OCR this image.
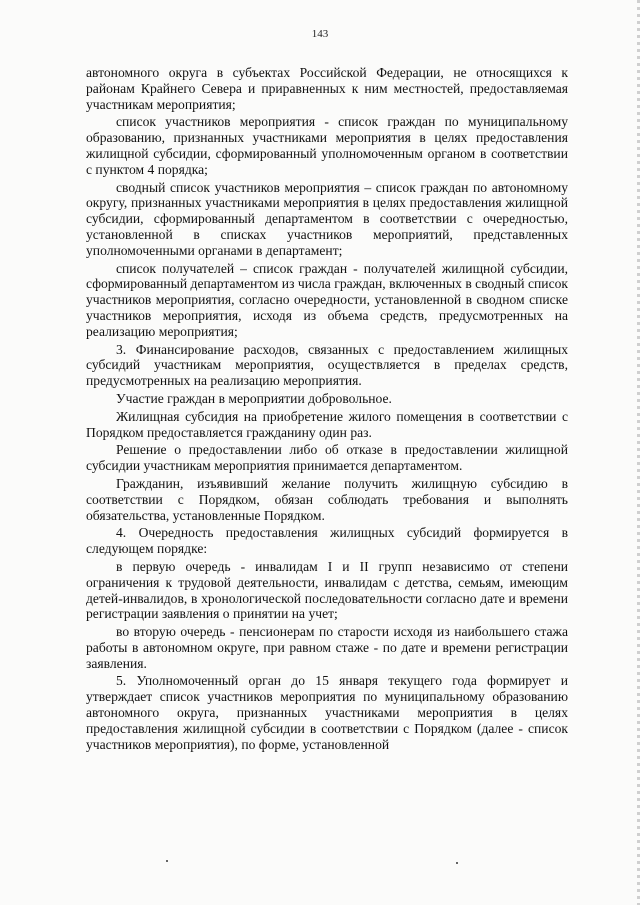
143

автономного округа в субъектах Российской Федерации, не относящихся к районам Крайнего Севера и приравненных к ним местностей, предоставляемая участникам мероприятия;

список участников мероприятия - список граждан по муниципальному образованию, признанных участниками мероприятия в целях предоставления жилищной субсидии, сформированный уполномоченным органом в соответствии с пунктом 4 порядка;

сводный список участников мероприятия – список граждан по автономному округу, признанных участниками мероприятия в целях предоставления жилищной субсидии, сформированный департаментом в соответствии с очередностью, установленной в списках участников мероприятий, представленных уполномоченными органами в департамент;

список получателей – список граждан - получателей жилищной субсидии, сформированный департаментом из числа граждан, включенных в сводный список участников мероприятия, согласно очередности, установленной в сводном списке участников мероприятия, исходя из объема средств, предусмотренных на реализацию мероприятия;

3. Финансирование расходов, связанных с предоставлением жилищных субсидий участникам мероприятия, осуществляется в пределах средств, предусмотренных на реализацию мероприятия.

Участие граждан в мероприятии добровольное.

Жилищная субсидия на приобретение жилого помещения в соответствии с Порядком предоставляется гражданину один раз.

Решение о предоставлении либо об отказе в предоставлении жилищной субсидии участникам мероприятия принимается департаментом.

Гражданин, изъявивший желание получить жилищную субсидию в соответствии с Порядком, обязан соблюдать требования и выполнять обязательства, установленные Порядком.

4. Очередность предоставления жилищных субсидий формируется в следующем порядке:

в первую очередь - инвалидам I и II групп независимо от степени ограничения к трудовой деятельности, инвалидам с детства, семьям, имеющим детей-инвалидов, в хронологической последовательности согласно дате и времени регистрации заявления о принятии на учет;

во вторую очередь - пенсионерам по старости исходя из наибольшего стажа работы в автономном округе, при равном стаже - по дате и времени регистрации заявления.

5. Уполномоченный орган до 15 января текущего года формирует и утверждает список участников мероприятия по муниципальному образованию автономного округа, признанных участниками мероприятия в целях предоставления жилищной субсидии в соответствии с Порядком (далее - список участников мероприятия), по форме, установленной
